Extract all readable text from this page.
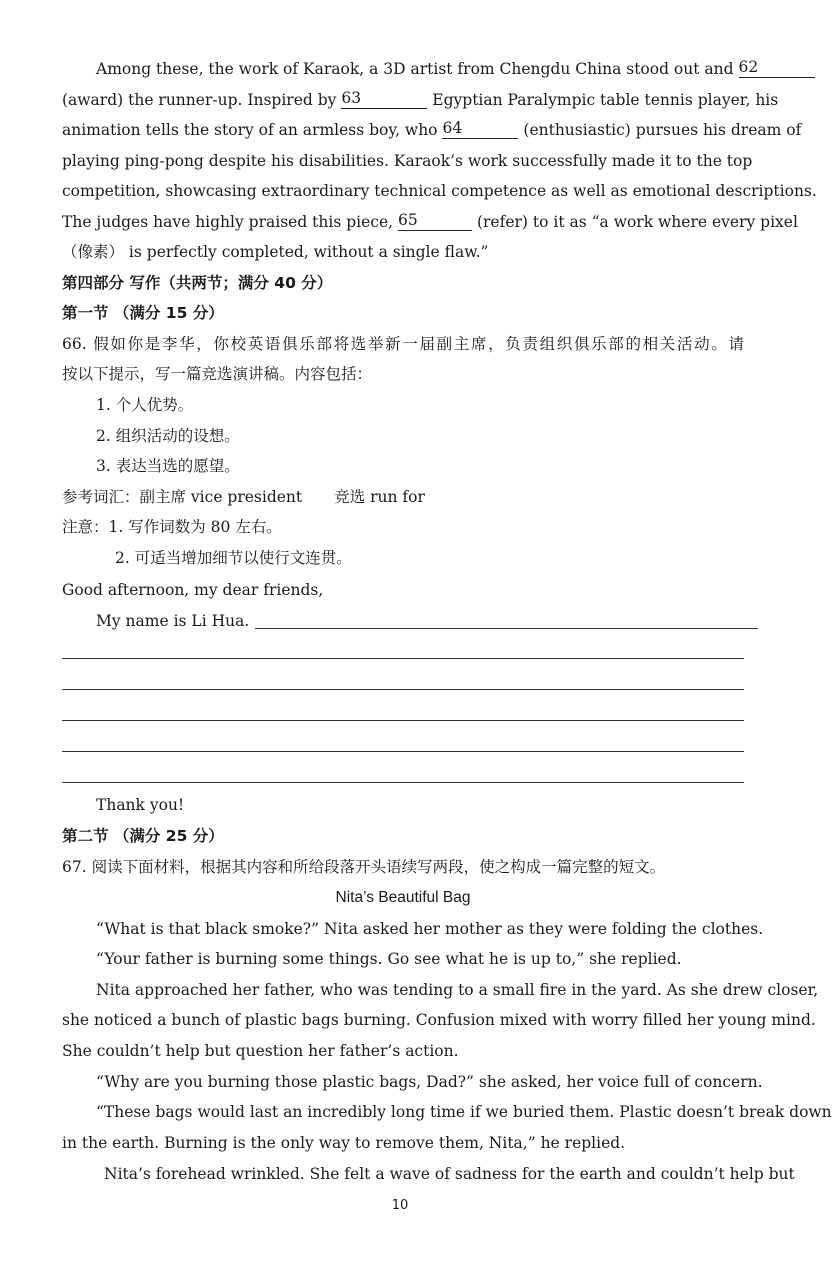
Among these, the work of Karaok, a 3D artist from Chengdu China stood out and 62
(award) the runner-up. Inspired by 63	Egyptian Paralympic table tennis player, his
animation tells the story of an armless boy, who 64	(enthusiastic) pursues his dream of
playing ping-pong despite his disabilities. Karaok’s work successfully made it to the top
competition, showcasing extraordinary technical competence as well as emotional descriptions.
The judges have highly praised this piece, 65	(refer) to it as “a work where every pixel
（像素） is perfectly completed, without a single flaw.”
第四部分 写作（共两节；满分 40 分）
第一节 （满分 15 分）
66. 假如你是李华，你校英语俱乐部将选举新一届副主席，负责组织俱乐部的相关活动。请
按以下提示，写一篇竞选演讲稿。内容包括：
1. 个人优势。
2. 组织活动的设想。
3. 表达当选的愿望。
参考词汇：副主席 vice president 竞选 run for
注意：1. 写作词数为 80 左右。
2. 可适当增加细节以使行文连贯。
Good afternoon, my dear friends,
My name is Li Hua.
Thank you!
第二节 （满分 25 分）
67. 阅读下面材料，根据其内容和所给段落开头语续写两段，使之构成一篇完整的短文。
Nita’s Beautiful Bag
“What is that black smoke?” Nita asked her mother as they were folding the clothes.
“Your father is burning some things. Go see what he is up to,” she replied.
Nita approached her father, who was tending to a small fire in the yard. As she drew closer,
she noticed a bunch of plastic bags burning. Confusion mixed with worry filled her young mind.
She couldn’t help but question her father’s action.
“Why are you burning those plastic bags, Dad?” she asked, her voice full of concern.
“These bags would last an incredibly long time if we buried them. Plastic doesn’t break down
in the earth. Burning is the only way to remove them, Nita,” he replied.
Nita’s forehead wrinkled. She felt a wave of sadness for the earth and couldn’t help but
10
